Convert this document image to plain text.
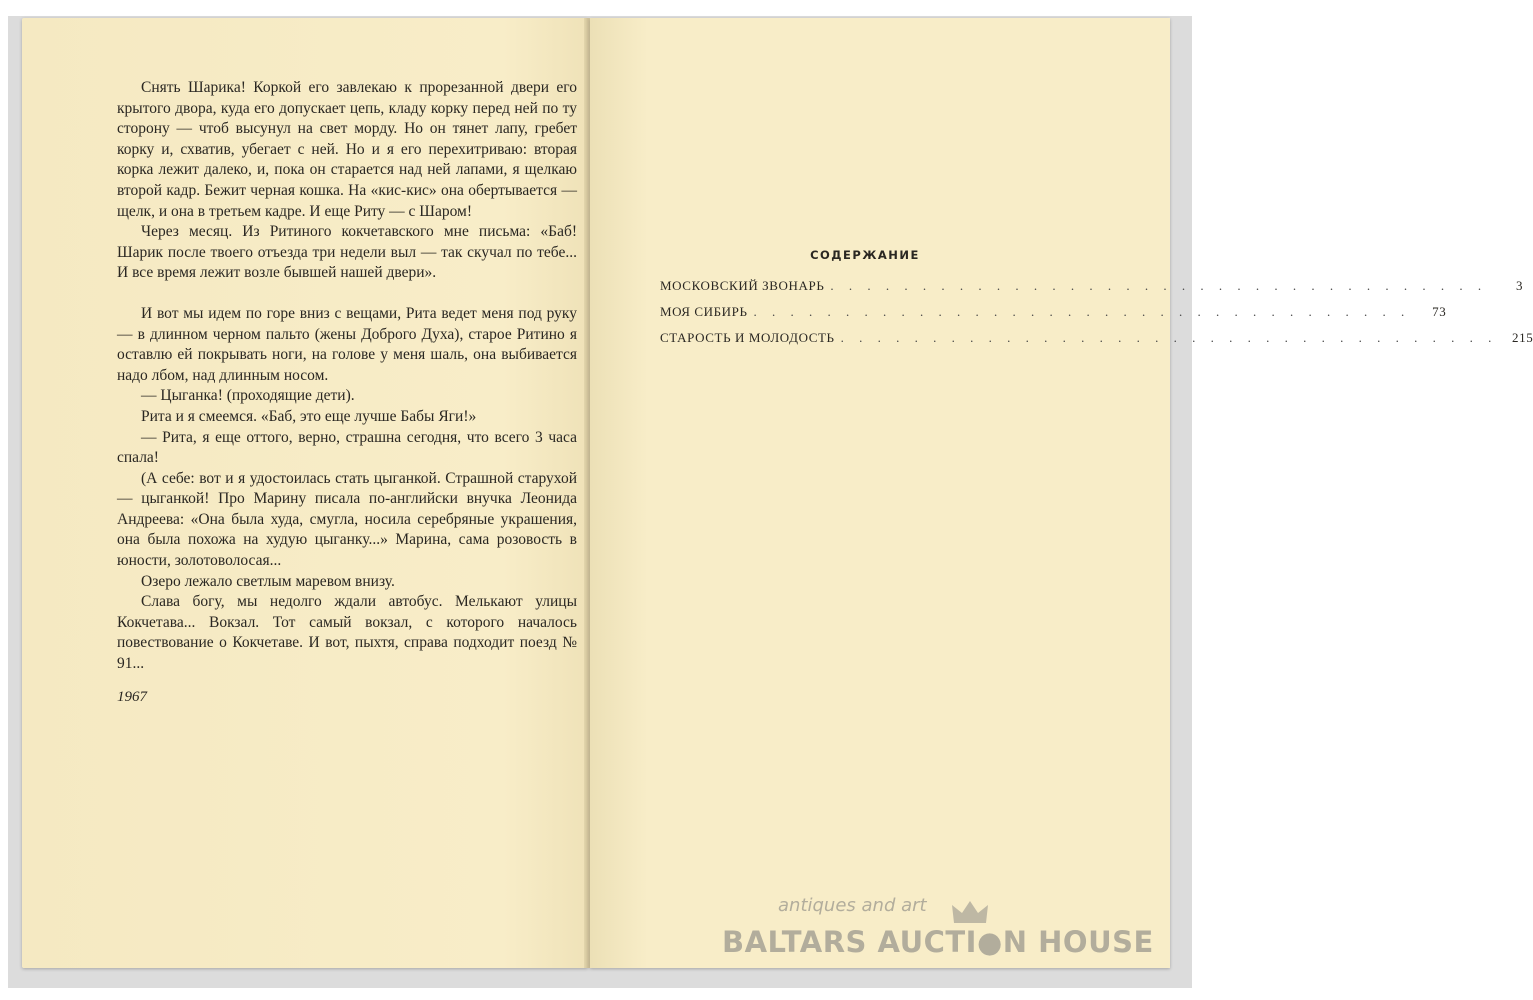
Снять Шарика! Коркой его завлекаю к прорезанной двери его крытого двора, куда его допускает цепь, кладу корку перед ней по ту сторону — чтоб высунул на свет морду. Но он тянет лапу, гребет корку и, схватив, убегает с ней. Но и я его перехитриваю: вторая корка лежит далеко, и, пока он старается над ней лапами, я щелкаю второй кадр. Бежит черная кошка. На «кис-кис» она обертывается — щелк, и она в третьем кадре. И еще Риту — с Шаром!

Через месяц. Из Ритиного кокчетавского мне письма: «Баб! Шарик после твоего отъезда три недели выл — так скучал по тебе... И все время лежит возле бывшей нашей двери».

И вот мы идем по горе вниз с вещами, Рита ведет меня под руку — в длинном черном пальто (жены Доброго Духа), старое Ритино я оставлю ей покрывать ноги, на голове у меня шаль, она выбивается надо лбом, над длинным носом.

— Цыганка! (проходящие дети).

Рита и я смеемся. «Баб, это еще лучше Бабы Яги!»

— Рита, я еще оттого, верно, страшна сегодня, что всего 3 часа спала!

(А себе: вот и я удостоилась стать цыганкой. Страшной старухой — цыганкой! Про Марину писала по-английски внучка Леонида Андреева: «Она была худа, смугла, носила серебряные украшения, она была похожа на худую цыганку...» Марина, сама розовость в юности, золотоволосая...

Озеро лежало светлым маревом внизу.

Слава богу, мы недолго ждали автобус. Мелькают улицы Кокчетава... Вокзал. Тот самый вокзал, с которого началось повествование о Кокчетаве. И вот, пыхтя, справа подходит поезд № 91...

1967
СОДЕРЖАНИЕ
МОСКОВСКИЙ ЗВОНАРЬ . . . . . . . . . . . . . . . . . . . . . . . . . . . . . . . . . . . .	3
МОЯ СИБИРЬ . . . . . . . . . . . . . . . . . . . . . . . . . . . . . . . . . . . .	73
СТАРОСТЬ И МОЛОДОСТЬ . . . . . . . . . . . . . . . . . . . . . . . . . . . . . . . . . . . .	215
antiques and art
BALTARS AUCTI●N HOUSE
